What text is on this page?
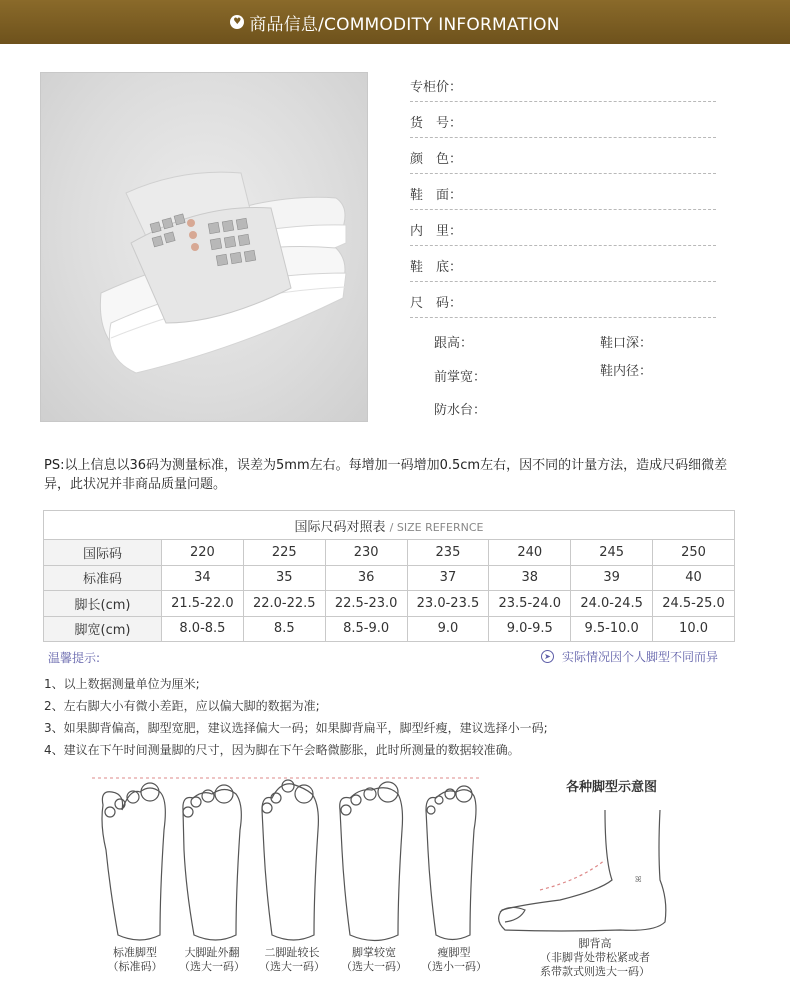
♥ 商品信息/COMMODITY INFORMATION
专柜价：
货　号：
颜　色：
鞋　面：
内　里：
鞋　底：
尺　码：
跟高：	鞋口深：
前掌宽：	鞋内径：
防水台：
PS:以上信息以36码为测量标准，误差为5mm左右。每增加一码增加0.5cm左右，因不同的计量方法，造成尺码细微差异，此状况并非商品质量问题。
国际尺码对照表 / SIZE REFERNCE							
国际码	220	225	230	235	240	245	250
标准码	34	35	36	37	38	39	40
脚长(cm)	21.5-22.0	22.0-22.5	22.5-23.0	23.0-23.5	23.5-24.0	24.0-24.5	24.5-25.0
脚宽(cm)	8.0-8.5	8.5	8.5-9.0	9.0	9.0-9.5	9.5-10.0	10.0
温馨提示:	➤ 实际情况因个人脚型不同而异
1、以上数据测量单位为厘米;
2、左右脚大小有微小差距，应以偏大脚的数据为准;
3、如果脚背偏高，脚型宽肥，建议选择偏大一码；如果脚背扁平，脚型纤瘦，建议选择小一码;
4、建议在下午时间测量脚的尺寸，因为脚在下午会略微膨胀，此时所测量的数据较准确。
ꕤ
各种脚型示意图
标准脚型
（标准码）
大脚趾外翻
（选大一码）
二脚趾较长
（选大一码）
脚掌较宽
（选大一码）
瘦脚型
（选小一码）
脚背高
（非脚背处带松紧或者
系带款式则选大一码）
